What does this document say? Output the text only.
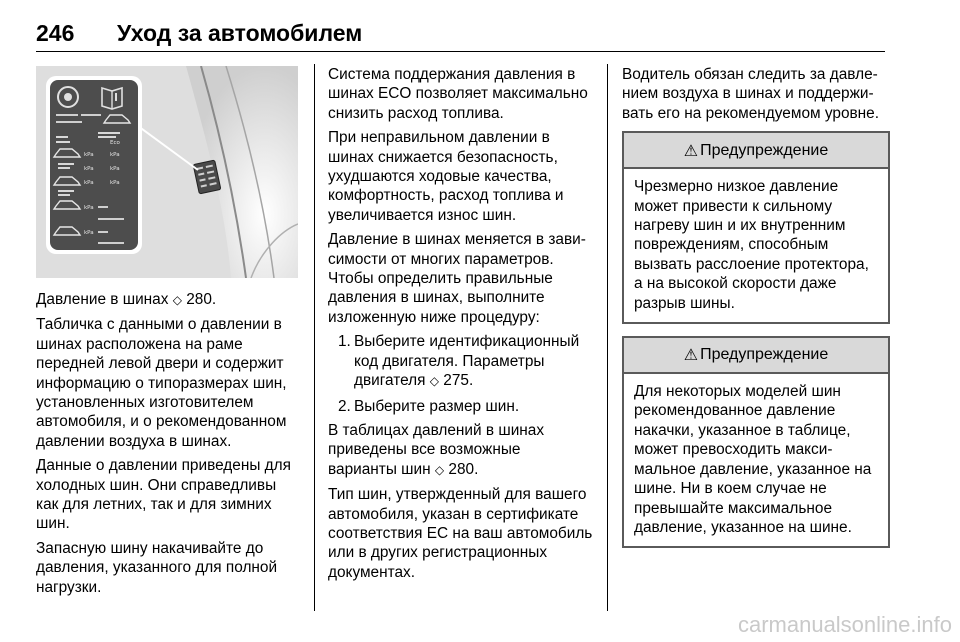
246 Уход за автомобилем
kPa	kPa
kPa	kPa
kPa	kPa
kPa
kPa
Eco

Давление в шинах ◇ 280.

Табличка с данными о давлении в шинах расположена на раме передней левой двери и содержит информацию о типоразмерах шин, установленных изготовителем автомобиля, и о рекомендованном давлении воздуха в шинах.

Данные о давлении приведены для холодных шин. Они справедливы как для летних, так и для зимних шин.

Запасную шину накачивайте до давления, указанного для полной нагрузки.

Система поддержания давления в шинах ECO позволяет максимально снизить расход топлива.

При неправильном давлении в шинах снижается безопасность, ухудшаются ходовые качества, комфортность, расход топлива и увеличивается износ шин.

Давление в шинах меняется в зависимости от многих параметров. Чтобы определить правильные давления в шинах, выполните изложенную ниже процедуру:

1. Выберите идентификационный код двигателя. Параметры двигателя ◇ 275.
2. Выберите размер шин.

В таблицах давлений в шинах приведены все возможные варианты шин ◇ 280.

Тип шин, утвержденный для вашего автомобиля, указан в сертификате соответствия ЕС на ваш автомобиль или в других регистрационных документах.

Водитель обязан следить за давлением воздуха в шинах и поддерживать его на рекомендуемом уровне.

⚠ Предупреждение
Чрезмерно низкое давление может привести к сильному нагреву шин и их внутренним повреждениям, способным вызвать расслоение протектора, а на высокой скорости даже разрыв шины.
⚠ Предупреждение
Для некоторых моделей шин рекомендованное давление накачки, указанное в таблице, может превосходить максимальное давление, указанное на шине. Ни в коем случае не превышайте максимальное давление, указанное на шине.
carmanualsonline.info
